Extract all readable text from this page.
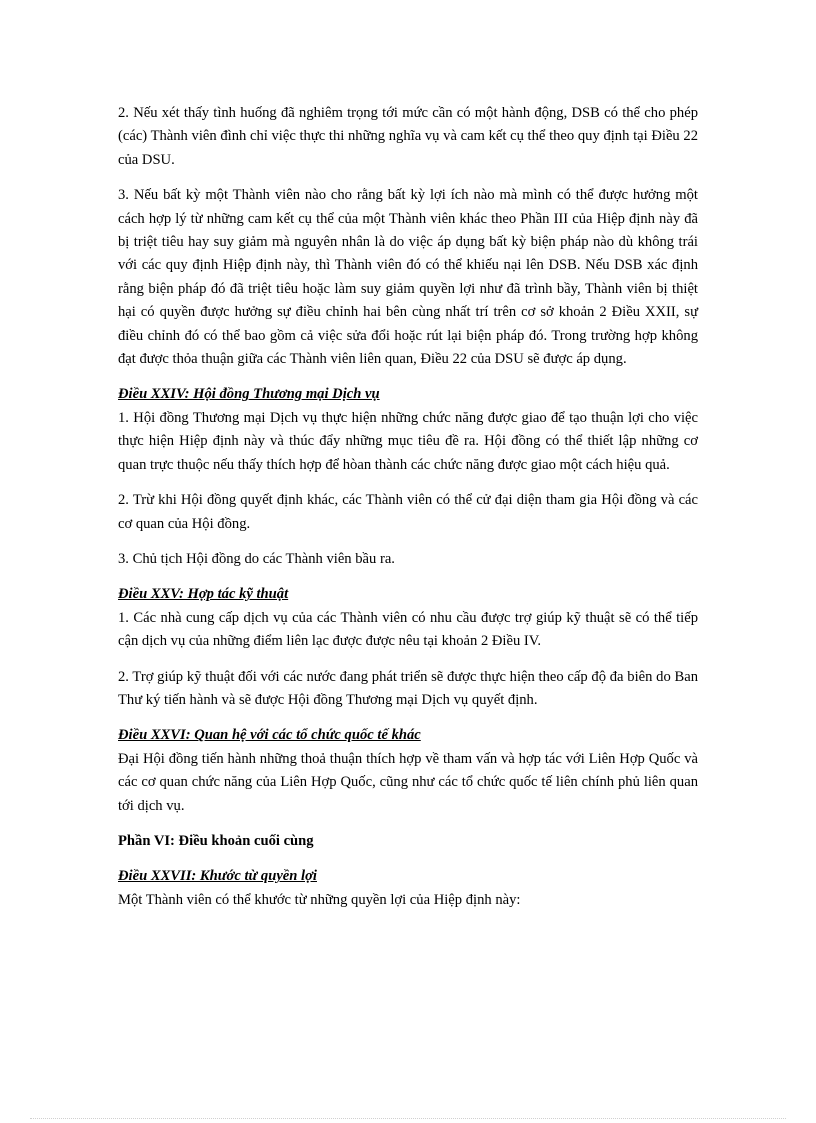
2. Nếu xét thấy tình huống đã nghiêm trọng tới mức cần có một hành động, DSB có thể cho phép (các) Thành viên đình chỉ việc thực thi những nghĩa vụ và cam kết cụ thể theo quy định tại Điều 22 của DSU.

3. Nếu bất kỳ một Thành viên nào cho rằng bất kỳ lợi ích nào mà mình có thể được hưởng một cách hợp lý từ những cam kết cụ thể của một Thành viên khác theo Phần III của Hiệp định này đã bị triệt tiêu hay suy giảm mà nguyên nhân là do việc áp dụng bất kỳ biện pháp nào dù không trái với các quy định Hiệp định này, thì Thành viên đó có thể khiếu nại lên DSB. Nếu DSB xác định rằng biện pháp đó đã triệt tiêu hoặc làm suy giảm quyền lợi như đã trình bầy, Thành viên bị thiệt hại có quyền được hưởng sự điều chỉnh hai bên cùng nhất trí trên cơ sở khoản 2 Điều XXII, sự điều chỉnh đó có thể bao gồm cả việc sửa đổi hoặc rút lại biện pháp đó. Trong trường hợp không đạt được thỏa thuận giữa các Thành viên liên quan, Điều 22 của DSU sẽ được áp dụng.

Điều XXIV: Hội đồng Thương mại Dịch vụ

1. Hội đồng Thương mại Dịch vụ thực hiện những chức năng được giao để tạo thuận lợi cho việc thực hiện Hiệp định này và thúc đẩy những mục tiêu đề ra. Hội đồng có thể thiết lập những cơ quan trực thuộc nếu thấy thích hợp để hòan thành các chức năng được giao một cách hiệu quả.

2. Trừ khi Hội đồng quyết định khác, các Thành viên có thể cử đại diện tham gia Hội đồng và các cơ quan của Hội đồng.

3. Chủ tịch Hội đồng do các Thành viên bầu ra.

Điều XXV: Hợp tác kỹ thuật

1. Các nhà cung cấp dịch vụ của các Thành viên có nhu cầu được trợ giúp kỹ thuật sẽ có thể tiếp cận dịch vụ của những điểm liên lạc được được nêu tại khoản 2 Điều IV.

2. Trợ giúp kỹ thuật đối với các nước đang phát triển sẽ được thực hiện theo cấp độ đa biên do Ban Thư ký tiến hành và sẽ được Hội đồng Thương mại Dịch vụ quyết định.

Điều XXVI: Quan hệ với các tổ chức quốc tế khác

Đại Hội đồng tiến hành những thoả thuận thích hợp về tham vấn và hợp tác với Liên Hợp Quốc và các cơ quan chức năng của Liên Hợp Quốc, cũng như các tổ chức quốc tế liên chính phủ liên quan tới dịch vụ.

Phần VI: Điều khoản cuối cùng

Điều XXVII: Khước từ quyền lợi

Một Thành viên có thể khước từ những quyền lợi của Hiệp định này:
